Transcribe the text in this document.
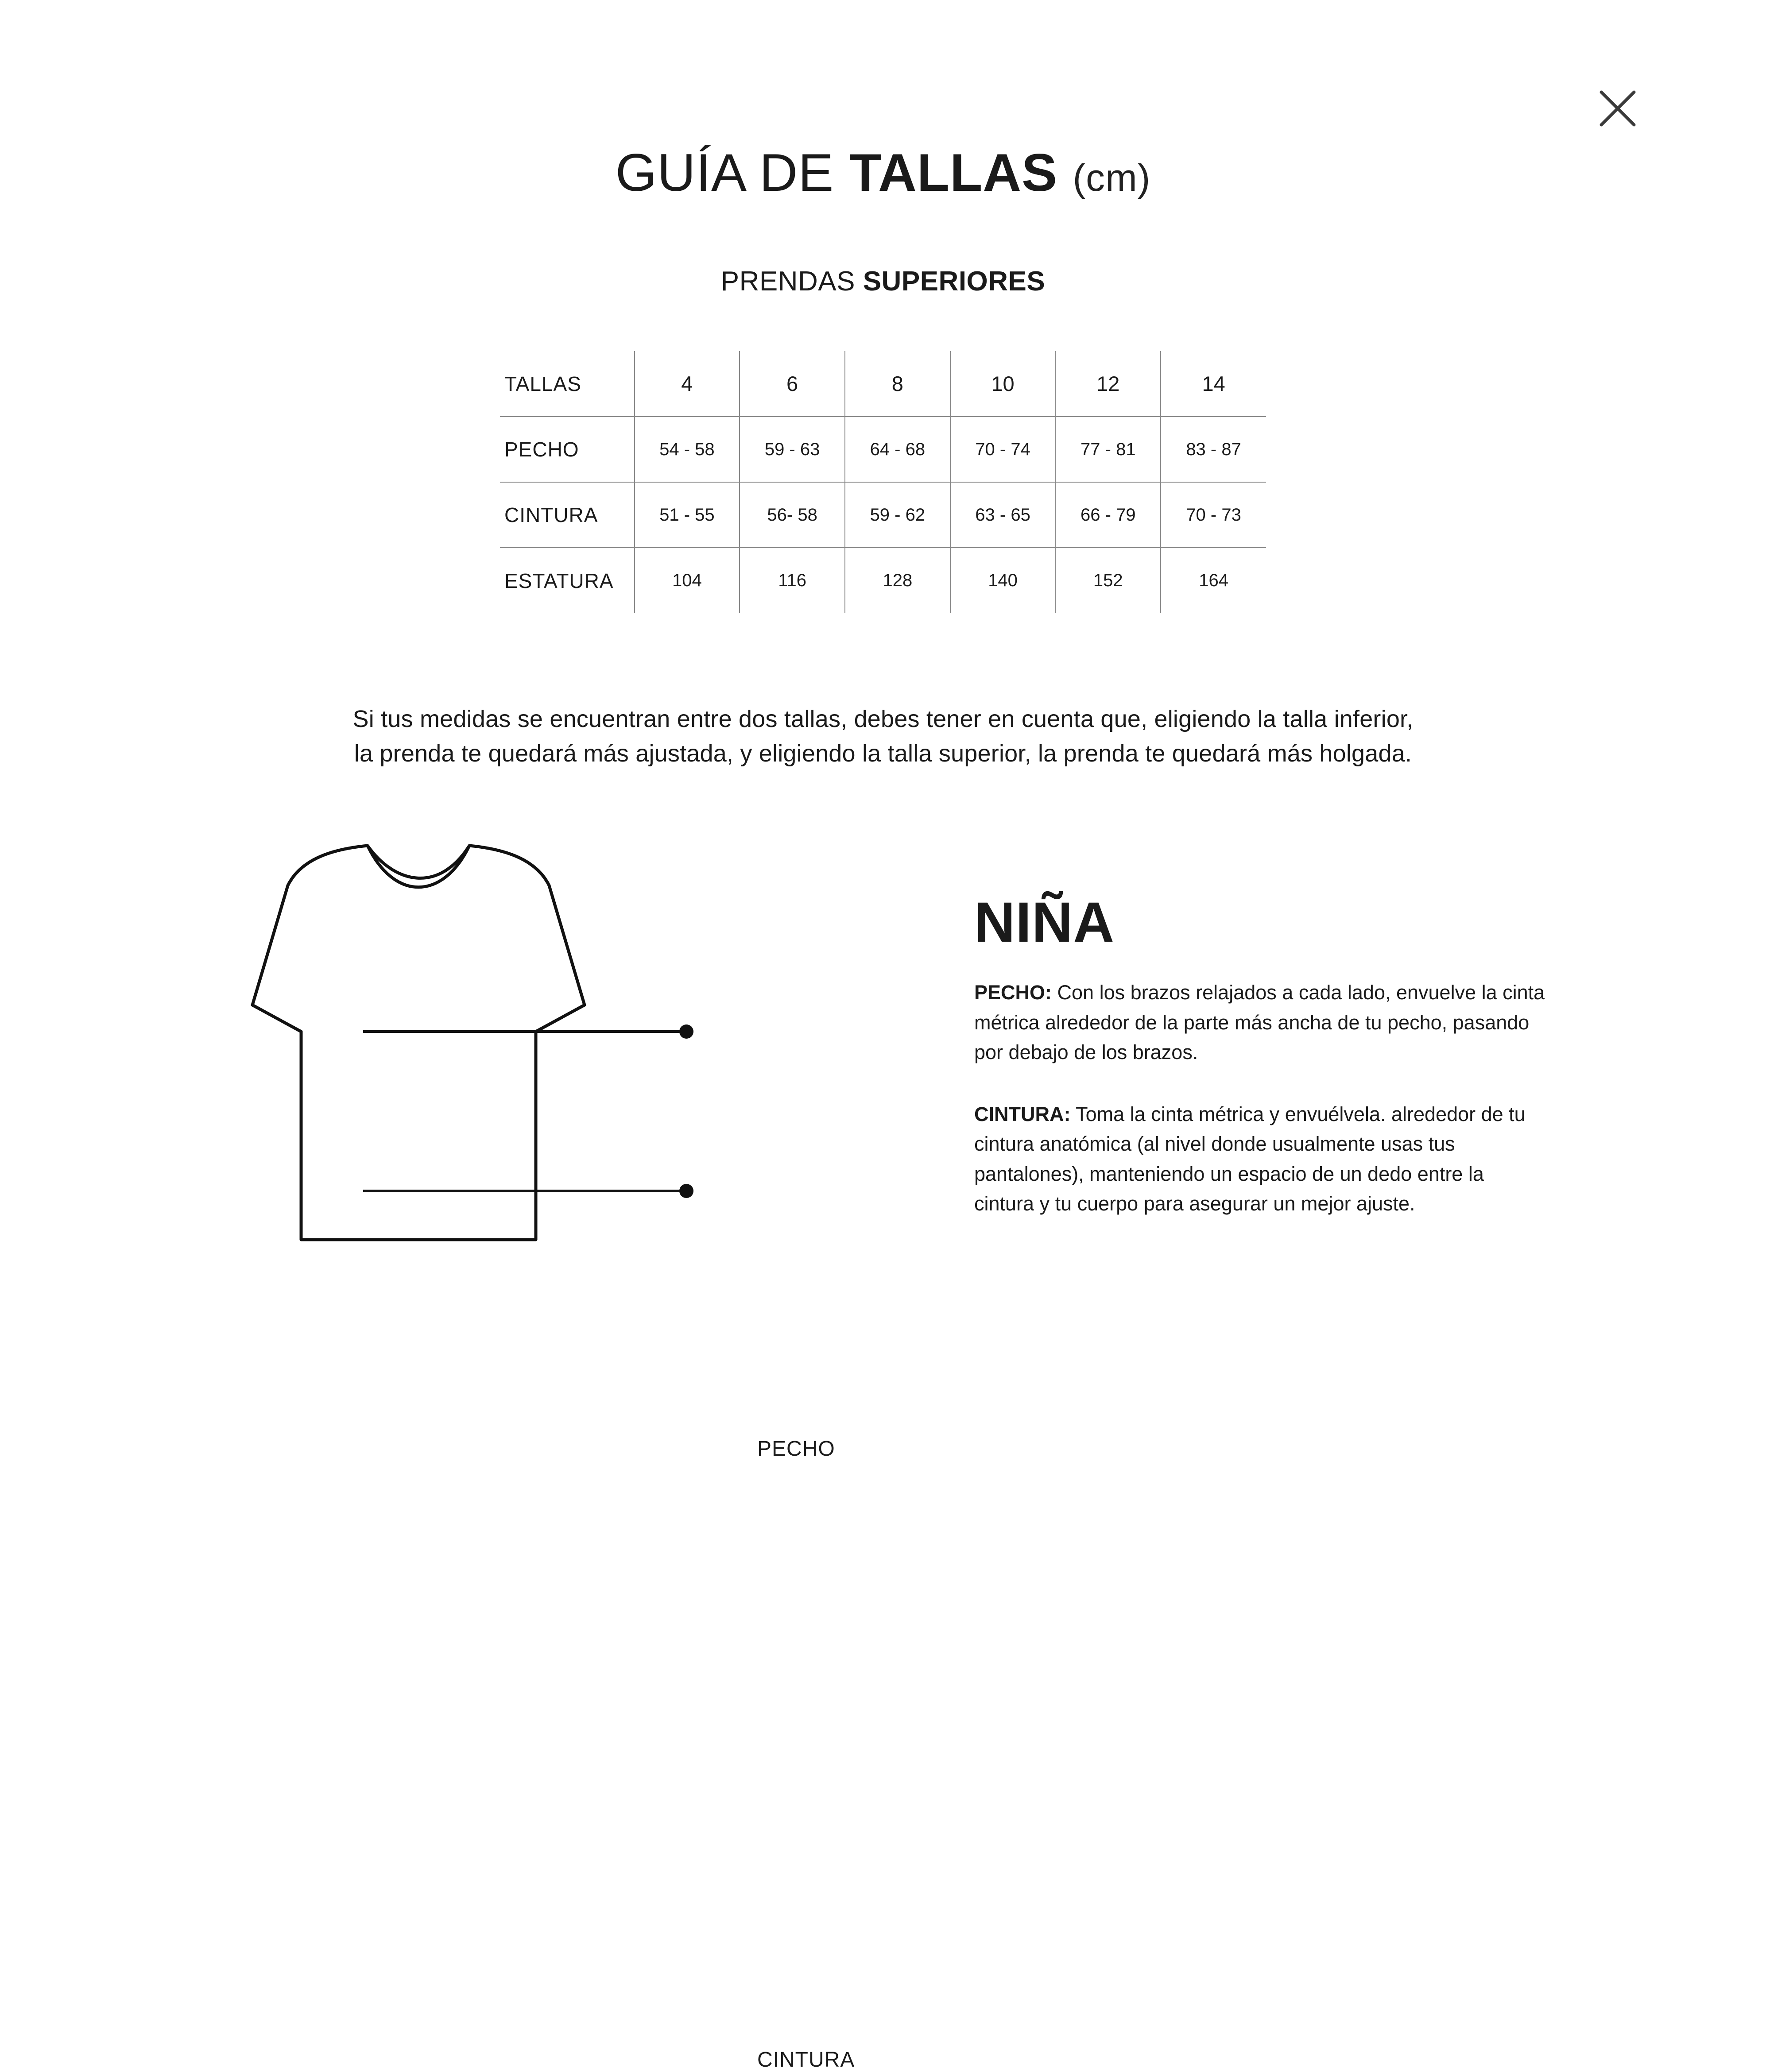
GUÍA DE TALLAS (cm)
PRENDAS SUPERIORES
TALLAS	4	6	8	10	12	14
PECHO	54 - 58	59 - 63	64 - 68	70 - 74	77 - 81	83 - 87
CINTURA	51 - 55	56- 58	59 - 62	63 - 65	66 - 79	70 - 73
ESTATURA	104	116	128	140	152	164

Si tus medidas se encuentran entre dos tallas, debes tener en cuenta que, eligiendo la talla inferior,
la prenda te quedará más ajustada, y eligiendo la talla superior, la prenda te quedará más holgada.

PECHO
CINTURA
NIÑA

PECHO: Con los brazos relajados a cada lado, envuelve la cinta métrica alrededor de la parte más ancha de tu pecho, pasando por debajo de los brazos.

CINTURA: Toma la cinta métrica y envuélvela. alrededor de tu cintura anatómica (al nivel donde usualmente usas tus pantalones), manteniendo un espacio de un dedo entre la cintura y tu cuerpo para asegurar un mejor ajuste.
